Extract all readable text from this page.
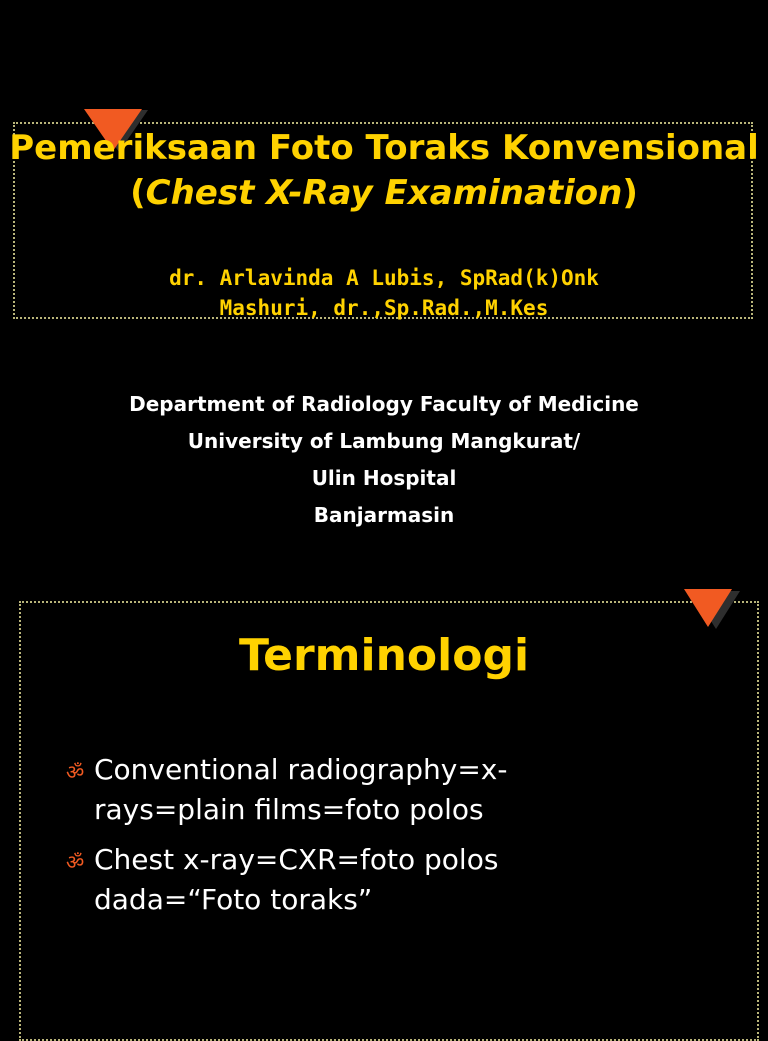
Pemeriksaan Foto Toraks Konvensional
(Chest X-Ray Examination)
dr. Arlavinda A Lubis, SpRad(k)Onk
Mashuri, dr.,Sp.Rad.,M.Kes
Department of Radiology Faculty of Medicine
University of Lambung Mangkurat/
Ulin Hospital
Banjarmasin
Terminologi
ॐ Conventional radiography=x-
rays=plain films=foto polos
ॐ Chest x-ray=CXR=foto polos
dada=“Foto toraks”
